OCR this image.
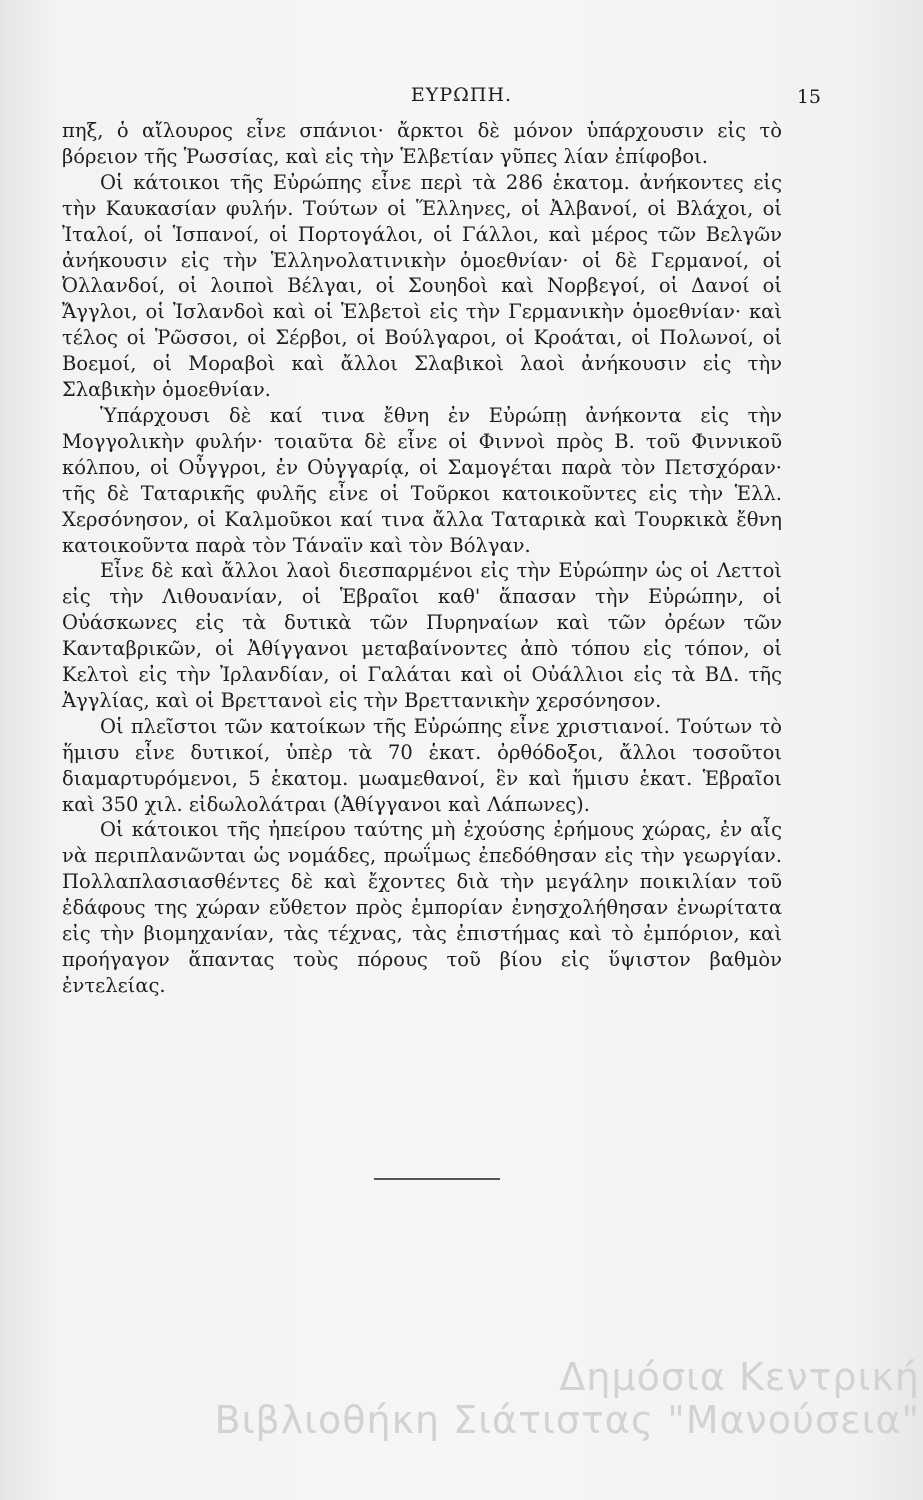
ΕΥΡΩΠΗ.	15

πηξ, ὁ αἴλουρος εἶνε σπάνιοι· ἄρκτοι δὲ μόνον ὑπάρχουσιν εἰς τὸ βόρειον τῆς Ῥωσσίας, καὶ εἰς τὴν Ἑλβετίαν γῦπες λίαν ἐπίφοβοι.

Οἱ κάτοικοι τῆς Εὐρώπης εἶνε περὶ τὰ 286 ἑκατομ. ἀνήκοντες εἰς τὴν Καυκασίαν φυλήν. Τούτων οἱ Ἕλληνες, οἱ Ἀλβανοί, οἱ Βλάχοι, οἱ Ἰταλοί, οἱ Ἱσπανοί, οἱ Πορτογάλοι, οἱ Γάλλοι, καὶ μέρος τῶν Βελγῶν ἀνήκουσιν εἰς τὴν Ἑλληνολατινικὴν ὁμοεθνίαν· οἱ δὲ Γερμανοί, οἱ Ὀλλανδοί, οἱ λοιποὶ Βέλγαι, οἱ Σουηδοὶ καὶ Νορβεγοί, οἱ Δανοί οἱ Ἄγγλοι, οἱ Ἰσλανδοὶ καὶ οἱ Ἑλβετοὶ εἰς τὴν Γερμανικὴν ὁμοεθνίαν· καὶ τέλος οἱ Ῥῶσσοι, οἱ Σέρβοι, οἱ Βούλγαροι, οἱ Κροάται, οἱ Πολωνοί, οἱ Βοεμοί, οἱ Μοραβοὶ καὶ ἄλλοι Σλαβικοὶ λαοὶ ἀνήκουσιν εἰς τὴν Σλαβικὴν ὁμοεθνίαν.

Ὑπάρχουσι δὲ καί τινα ἔθνη ἐν Εὐρώπῃ ἀνήκοντα εἰς τὴν Μογγολικὴν φυλήν· τοιαῦτα δὲ εἶνε οἱ Φιννοὶ πρὸς Β. τοῦ Φιννικοῦ κόλπου, οἱ Οὖγγροι, ἐν Οὑγγαρίᾳ, οἱ Σαμογέται παρὰ τὸν Πετσχόραν· τῆς δὲ Ταταρικῆς φυλῆς εἶνε οἱ Τοῦρκοι κατοικοῦντες εἰς τὴν Ἑλλ. Χερσόνησον, οἱ Καλμοῦκοι καί τινα ἄλλα Ταταρικὰ καὶ Τουρκικὰ ἔθνη κατοικοῦντα παρὰ τὸν Τάναϊν καὶ τὸν Βόλγαν.

Εἶνε δὲ καὶ ἄλλοι λαοὶ διεσπαρμένοι εἰς τὴν Εὐρώπην ὡς οἱ Λεττοὶ εἰς τὴν Λιθουανίαν, οἱ Ἑβραῖοι καθ' ἅπασαν τὴν Εὐρώπην, οἱ Οὐάσκωνες εἰς τὰ δυτικὰ τῶν Πυρηναίων καὶ τῶν ὀρέων τῶν Κανταβρικῶν, οἱ Ἀθίγγανοι μεταβαίνοντες ἀπὸ τόπου εἰς τόπον, οἱ Κελτοὶ εἰς τὴν Ἰρλανδίαν, οἱ Γαλάται καὶ οἱ Οὐάλλιοι εἰς τὰ ΒΔ. τῆς Ἀγγλίας, καὶ οἱ Βρεττανοὶ εἰς τὴν Βρεττανικὴν χερσόνησον.

Οἱ πλεῖστοι τῶν κατοίκων τῆς Εὐρώπης εἶνε χριστιανοί. Τούτων τὸ ἥμισυ εἶνε δυτικοί, ὑπὲρ τὰ 70 ἑκατ. ὀρθόδοξοι, ἄλλοι τοσοῦτοι διαμαρτυρόμενοι, 5 ἑκατομ. μωαμεθανοί, ἓν καὶ ἥμισυ ἑκατ. Ἑβραῖοι καὶ 350 χιλ. εἰδωλολάτραι (Ἀθίγγανοι καὶ Λάπωνες).

Οἱ κάτοικοι τῆς ἠπείρου ταύτης μὴ ἐχούσης ἐρήμους χώρας, ἐν αἷς νὰ περιπλανῶνται ὡς νομάδες, πρωΐμως ἐπεδόθησαν εἰς τὴν γεωργίαν. Πολλαπλασιασθέντες δὲ καὶ ἔχοντες διὰ τὴν μεγάλην ποικιλίαν τοῦ ἐδάφους της χώραν εὔθετον πρὸς ἐμπορίαν ἐνησχολήθησαν ἐνωρίτατα εἰς τὴν βιομηχανίαν, τὰς τέχνας, τὰς ἐπιστήμας καὶ τὸ ἐμπόριον, καὶ προήγαγον ἅπαντας τοὺς πόρους τοῦ βίου εἰς ὕψιστον βαθμὸν ἐντελείας.

Δημόσια Κεντρική
Βιβλιοθήκη Σιάτιστας "Μανούσεια"
